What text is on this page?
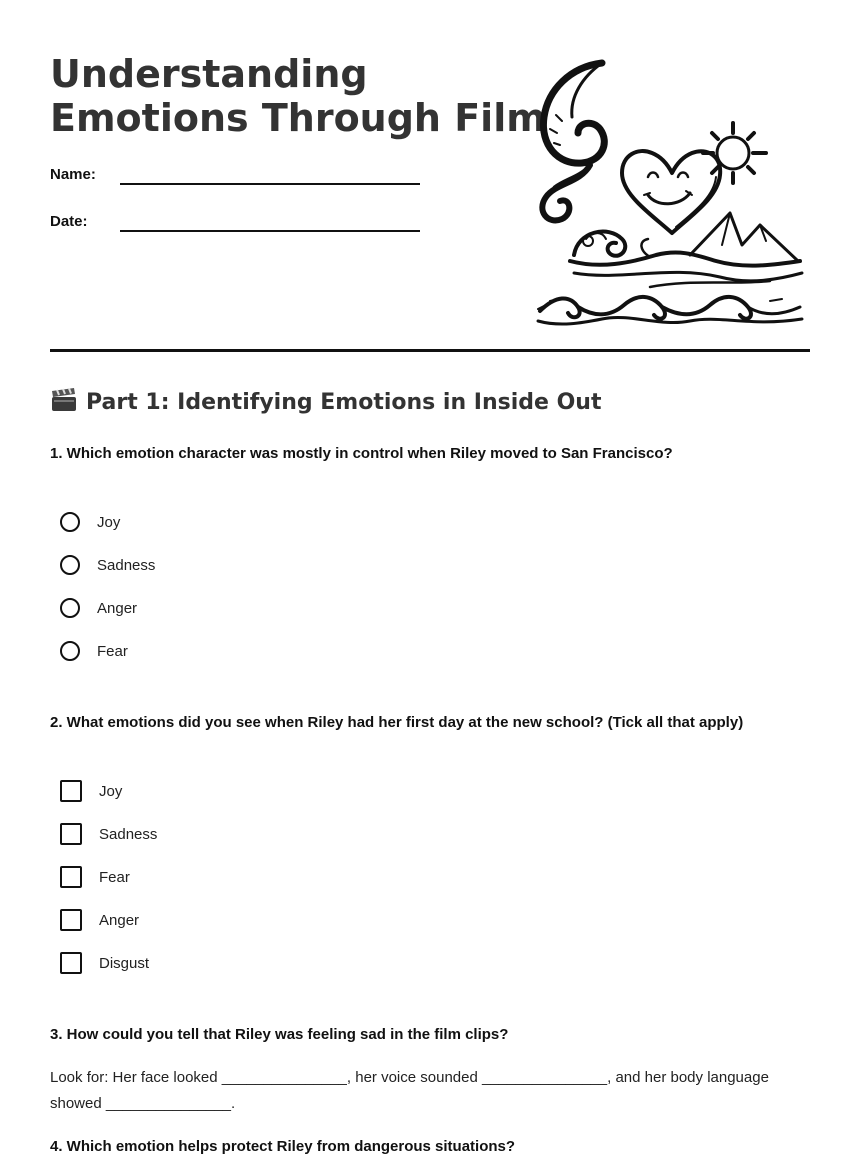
Understanding
Emotions Through Film
Name:
Date:
Part 1: Identifying Emotions in Inside Out

1. Which emotion character was mostly in control when Riley moved to San Francisco?

Joy
Sadness
Anger
Fear

2. What emotions did you see when Riley had her first day at the new school? (Tick all that apply)

Joy
Sadness
Fear
Anger
Disgust

3. How could you tell that Riley was feeling sad in the film clips?

Look for: Her face looked _______________, her voice sounded _______________, and her body language
showed _______________.

4. Which emotion helps protect Riley from dangerous situations?
